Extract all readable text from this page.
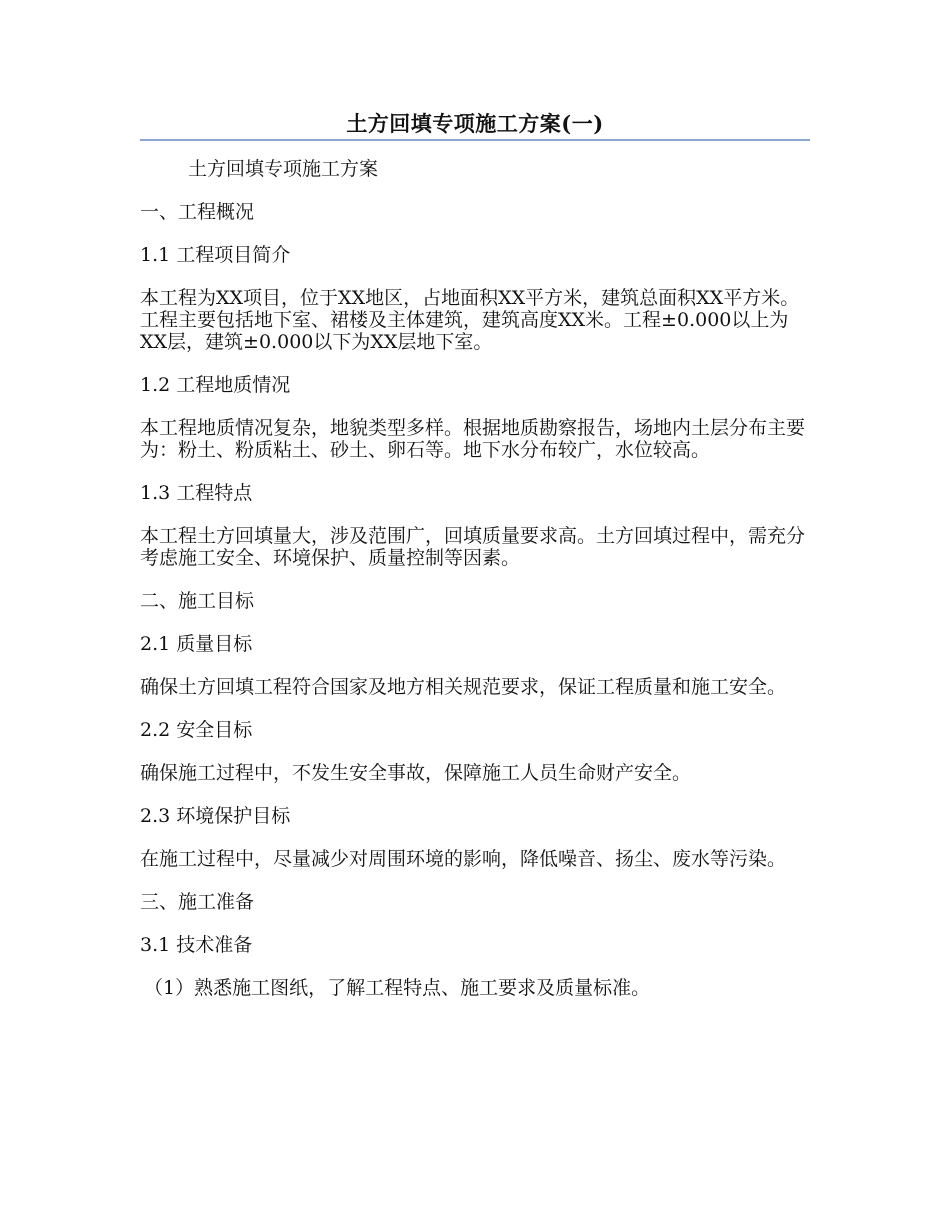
土方回填专项施工方案(一)

土方回填专项施工方案

一、工程概况

1.1 工程项目简介

本工程为XX项目，位于XX地区，占地面积XX平方米，建筑总面积XX平方米。工程主要包括地下室、裙楼及主体建筑，建筑高度XX米。工程±0.000以上为XX层，建筑±0.000以下为XX层地下室。

1.2 工程地质情况

本工程地质情况复杂，地貌类型多样。根据地质勘察报告，场地内土层分布主要为：粉土、粉质粘土、砂土、卵石等。地下水分布较广，水位较高。

1.3 工程特点

本工程土方回填量大，涉及范围广，回填质量要求高。土方回填过程中，需充分考虑施工安全、环境保护、质量控制等因素。

二、施工目标

2.1 质量目标

确保土方回填工程符合国家及地方相关规范要求，保证工程质量和施工安全。

2.2 安全目标

确保施工过程中，不发生安全事故，保障施工人员生命财产安全。

2.3 环境保护目标

在施工过程中，尽量减少对周围环境的影响，降低噪音、扬尘、废水等污染。

三、施工准备

3.1 技术准备

（1）熟悉施工图纸，了解工程特点、施工要求及质量标准。
